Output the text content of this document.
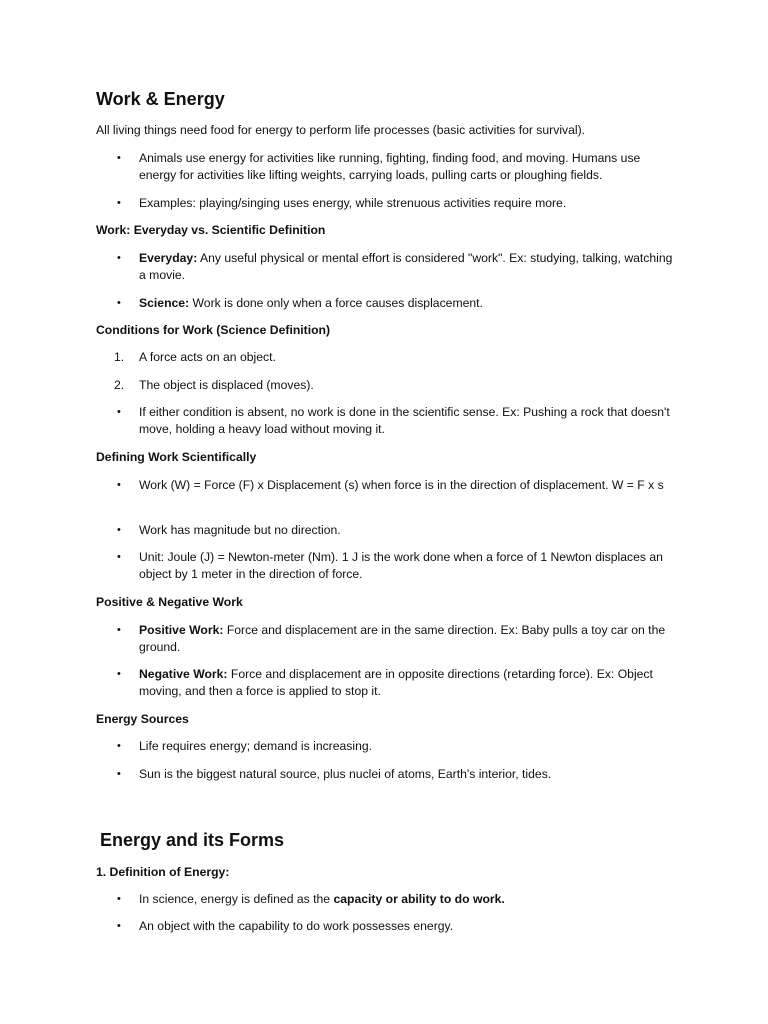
Work & Energy
All living things need food for energy to perform life processes (basic activities for survival).
• Animals use energy for activities like running, fighting, finding food, and moving. Humans use energy for activities like lifting weights, carrying loads, pulling carts or ploughing fields.
• Examples: playing/singing uses energy, while strenuous activities require more.
Work: Everyday vs. Scientific Definition
• Everyday: Any useful physical or mental effort is considered "work". Ex: studying, talking, watching a movie.
• Science: Work is done only when a force causes displacement.
Conditions for Work (Science Definition)
1.	A force acts on an object.
2.	The object is displaced (moves).
• If either condition is absent, no work is done in the scientific sense. Ex: Pushing a rock that doesn't move, holding a heavy load without moving it.
Defining Work Scientifically
• Work (W) = Force (F) x Displacement (s) when force is in the direction of displacement. W = F x s
• Work has magnitude but no direction.
• Unit: Joule (J) = Newton-meter (Nm). 1 J is the work done when a force of 1 Newton displaces an object by 1 meter in the direction of force.
Positive & Negative Work
• Positive Work: Force and displacement are in the same direction. Ex: Baby pulls a toy car on the ground.
• Negative Work: Force and displacement are in opposite directions (retarding force). Ex: Object moving, and then a force is applied to stop it.
Energy Sources
• Life requires energy; demand is increasing.
• Sun is the biggest natural source, plus nuclei of atoms, Earth's interior, tides.
Energy and its Forms
1. Definition of Energy:
• In science, energy is defined as the capacity or ability to do work.
• An object with the capability to do work possesses energy.
